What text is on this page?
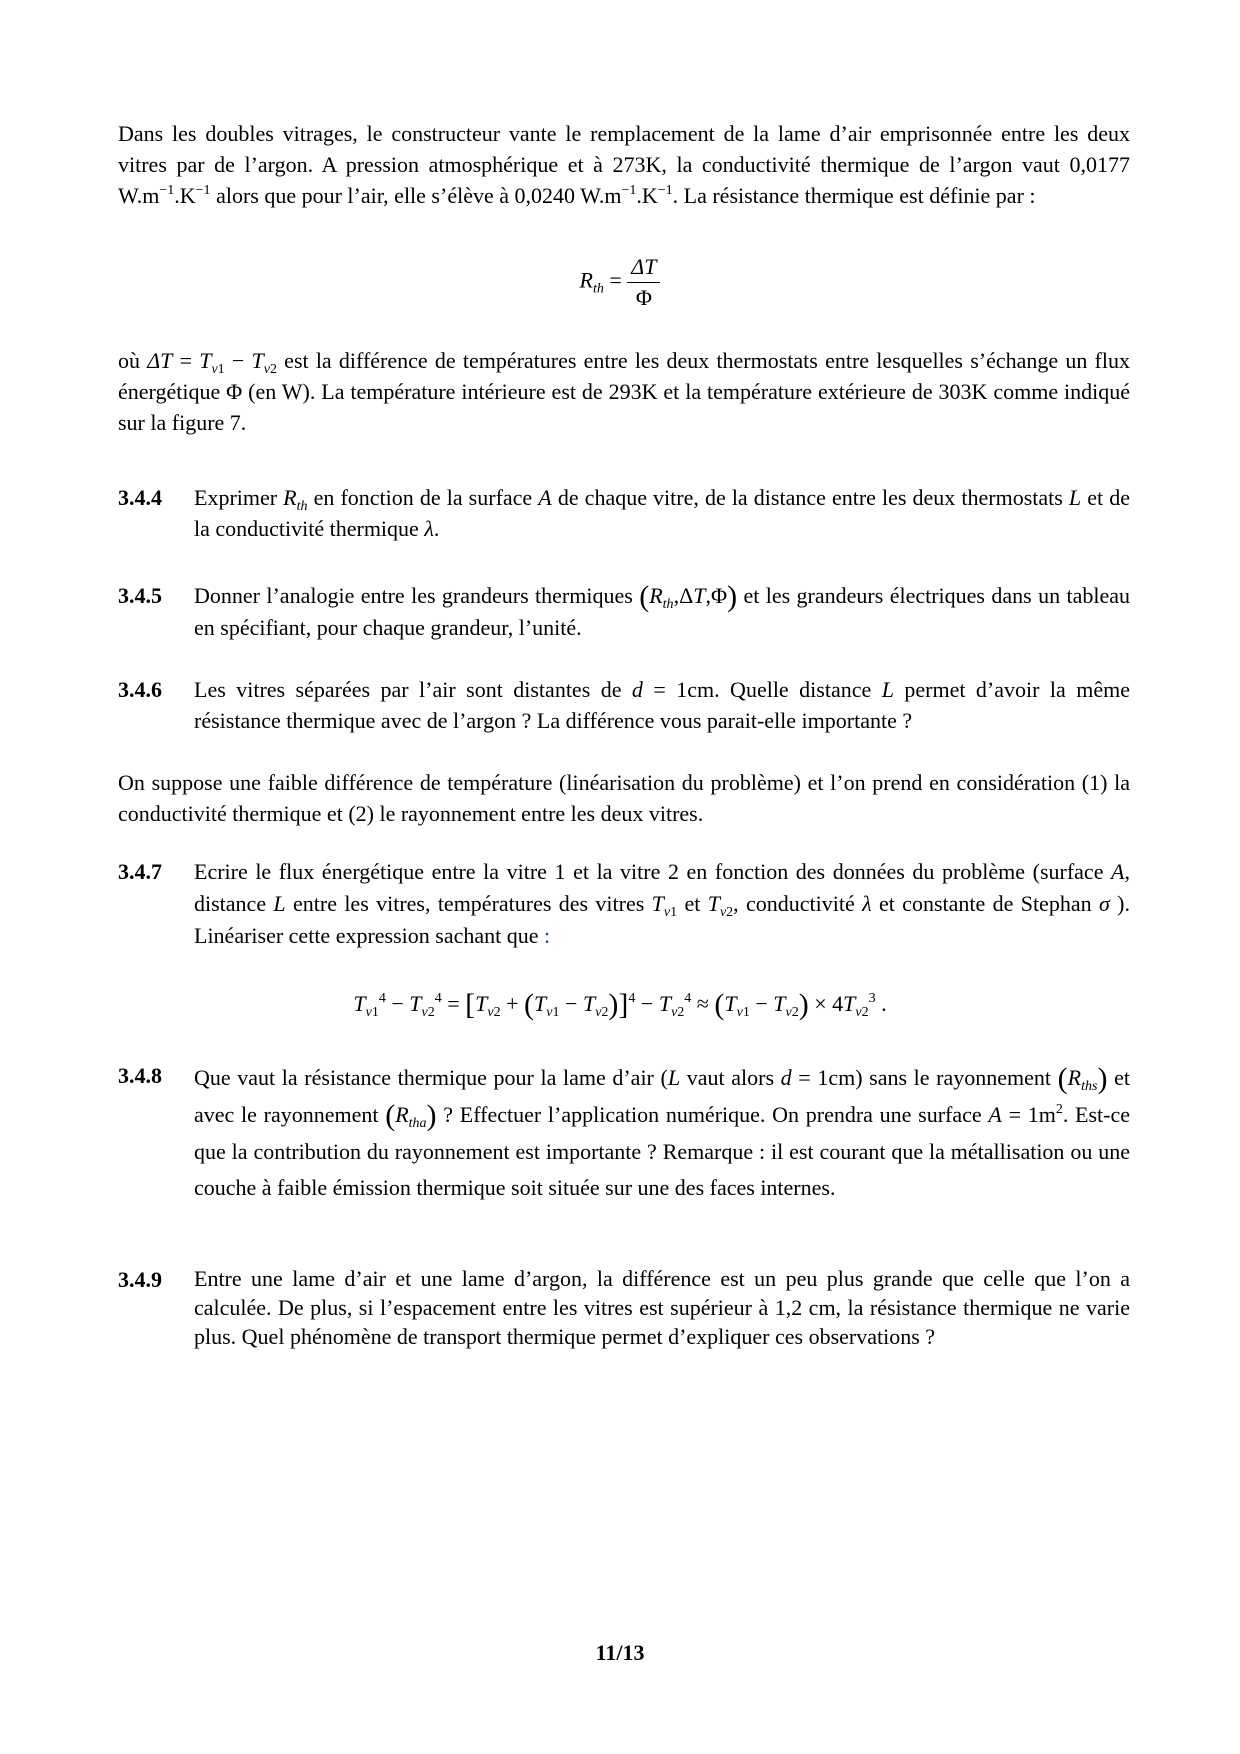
Dans les doubles vitrages, le constructeur vante le remplacement de la lame d’air emprisonnée entre les deux vitres par de l’argon. A pression atmosphérique et à 273K, la conductivité thermique de l’argon vaut 0,0177 $W.m^{-1}.K^{-1}$ alors que pour l’air, elle s’élève à 0,0240 $W.m^{-1}.K^{-1}$. La résistance thermique est définie par :
$R_{th} = \frac{\Delta T}{\Phi}$
où $\Delta T = T_{v1} - T_{v2}$ est la différence de températures entre les deux thermostats entre lesquelles s’échange un flux énergétique Φ (en W). La température intérieure est de 293K et la température extérieure de 303K comme indiqué sur la figure 7.
3.4.4 Exprimer $R_{th}$ en fonction de la surface A de chaque vitre, de la distance entre les deux thermostats L et de la conductivité thermique λ.
3.4.5 Donner l’analogie entre les grandeurs thermiques $(R_{th},\Delta T,\Phi)$ et les grandeurs électriques dans un tableau en spécifiant, pour chaque grandeur, l’unité.
3.4.6 Les vitres séparées par l’air sont distantes de d = 1cm. Quelle distance L permet d’avoir la même résistance thermique avec de l’argon ? La différence vous parait-elle importante ?
On suppose une faible différence de température (linéarisation du problème) et l’on prend en considération (1) la conductivité thermique et (2) le rayonnement entre les deux vitres.
3.4.7 Ecrire le flux énergétique entre la vitre 1 et la vitre 2 en fonction des données du problème (surface A, distance L entre les vitres, températures des vitres $T_{v1}$ et $T_{v2}$, conductivité λ et constante de Stephan σ ). Linéariser cette expression sachant que :
$T_{v1}^4 - T_{v2}^4 = [T_{v2} + (T_{v1} - T_{v2})]^4 - T_{v2}^4 \approx (T_{v1} - T_{v2}) \times 4T_{v2}^3$ .
3.4.8 Que vaut la résistance thermique pour la lame d’air (L vaut alors d = 1cm) sans le rayonnement $(R_{ths})$ et avec le rayonnement $(R_{tha})$ ? Effectuer l’application numérique. On prendra une surface $A = 1m^2$. Est-ce que la contribution du rayonnement est importante ? Remarque : il est courant que la métallisation ou une couche à faible émission thermique soit située sur une des faces internes.
3.4.9 Entre une lame d’air et une lame d’argon, la différence est un peu plus grande que celle que l’on a calculée. De plus, si l’espacement entre les vitres est supérieur à 1,2 cm, la résistance thermique ne varie plus. Quel phénomène de transport thermique permet d’expliquer ces observations ?
11/13
